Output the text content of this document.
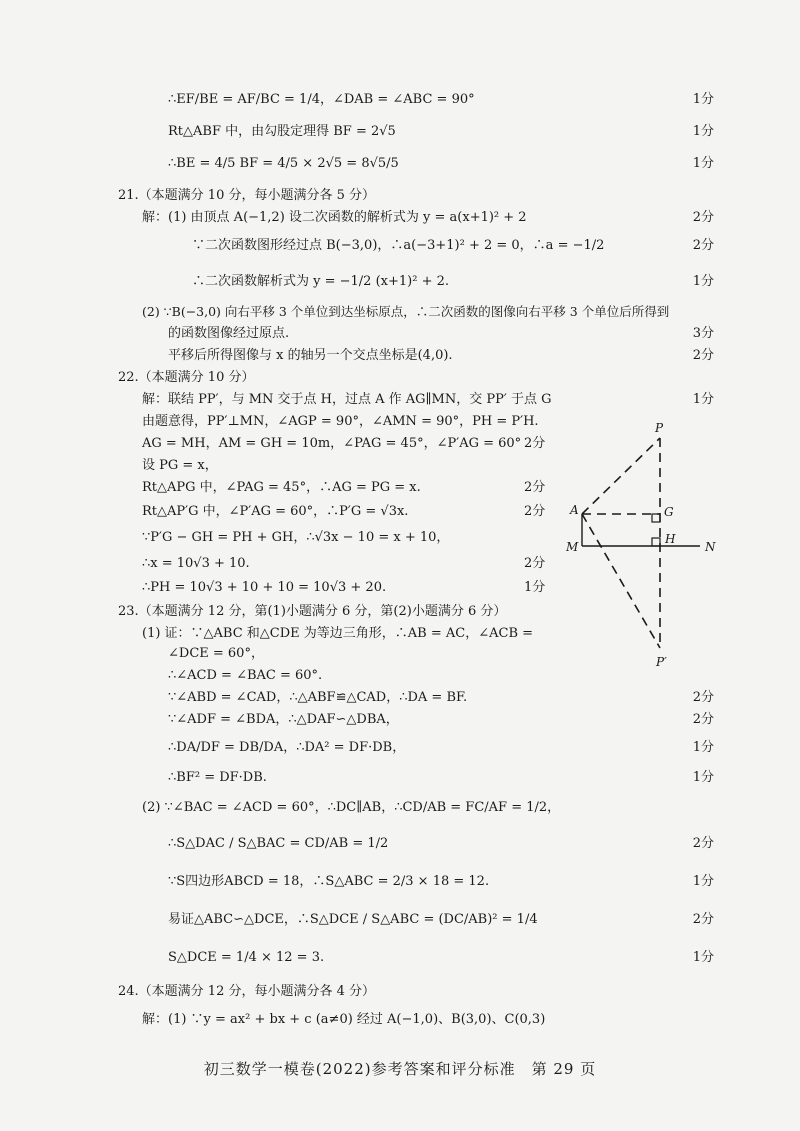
∴EF/BE = AF/BC = 1/4，∠DAB = ∠ABC = 90°	1分
Rt△ABF 中，由勾股定理得 BF = 2√5	1分
∴BE = 4/5 BF = 4/5 × 2√5 = 8√5/5	1分
21.（本题满分 10 分，每小题满分各 5 分）
解：(1) 由顶点 A(−1,2) 设二次函数的解析式为 y = a(x+1)² + 2	2分
∵二次函数图形经过点 B(−3,0)，∴a(−3+1)² + 2 = 0，∴a = −1/2	2分
∴二次函数解析式为 y = −1/2 (x+1)² + 2.	1分
(2) ∵B(−3,0) 向右平移 3 个单位到达坐标原点，∴二次函数的图像向右平移 3 个单位后所得到
的函数图像经过原点.	3分
平移后所得图像与 x 的轴另一个交点坐标是(4,0).	2分
22.（本题满分 10 分）
解：联结 PP′，与 MN 交于点 H，过点 A 作 AG∥MN，交 PP′ 于点 G	1分
由题意得，PP′⊥MN，∠AGP = 90°，∠AMN = 90°，PH = P′H.
AG = MH，AM = GH = 10m，∠PAG = 45°，∠P′AG = 60° 2分
设 PG = x，
Rt△APG 中，∠PAG = 45°，∴AG = PG = x.	2分
Rt△AP′G 中，∠P′AG = 60°，∴P′G = √3x.	2分
∵P′G − GH = PH + GH，∴√3x − 10 = x + 10，
∴x = 10√3 + 10.	2分
∴PH = 10√3 + 10 + 10 = 10√3 + 20.	1分
23.（本题满分 12 分，第(1)小题满分 6 分，第(2)小题满分 6 分）
(1) 证：∵△ABC 和△CDE 为等边三角形，∴AB = AC，∠ACB =
∠DCE = 60°，
∴∠ACD = ∠BAC = 60°.
∵∠ABD = ∠CAD，∴△ABF≌△CAD，∴DA = BF.	2分
∵∠ADF = ∠BDA，∴△DAF∽△DBA，	2分
∴DA/DF = DB/DA，∴DA² = DF·DB，	1分
∴BF² = DF·DB.	1分
(2) ∵∠BAC = ∠ACD = 60°，∴DC∥AB，∴CD/AB = FC/AF = 1/2，
∴S△DAC / S△BAC = CD/AB = 1/2	2分
∵S四边形ABCD = 18，∴S△ABC = 2/3 × 18 = 12.	1分
易证△ABC∽△DCE，∴S△DCE / S△ABC = (DC/AB)² = 1/4	2分
S△DCE = 1/4 × 12 = 3.	1分
24.（本题满分 12 分，每小题满分各 4 分）
解：(1) ∵y = ax² + bx + c (a≠0) 经过 A(−1,0)、B(3,0)、C(0,3)
P
G
A
M
H
N
P′
初三数学一模卷(2022)参考答案和评分标准　第 29 页
